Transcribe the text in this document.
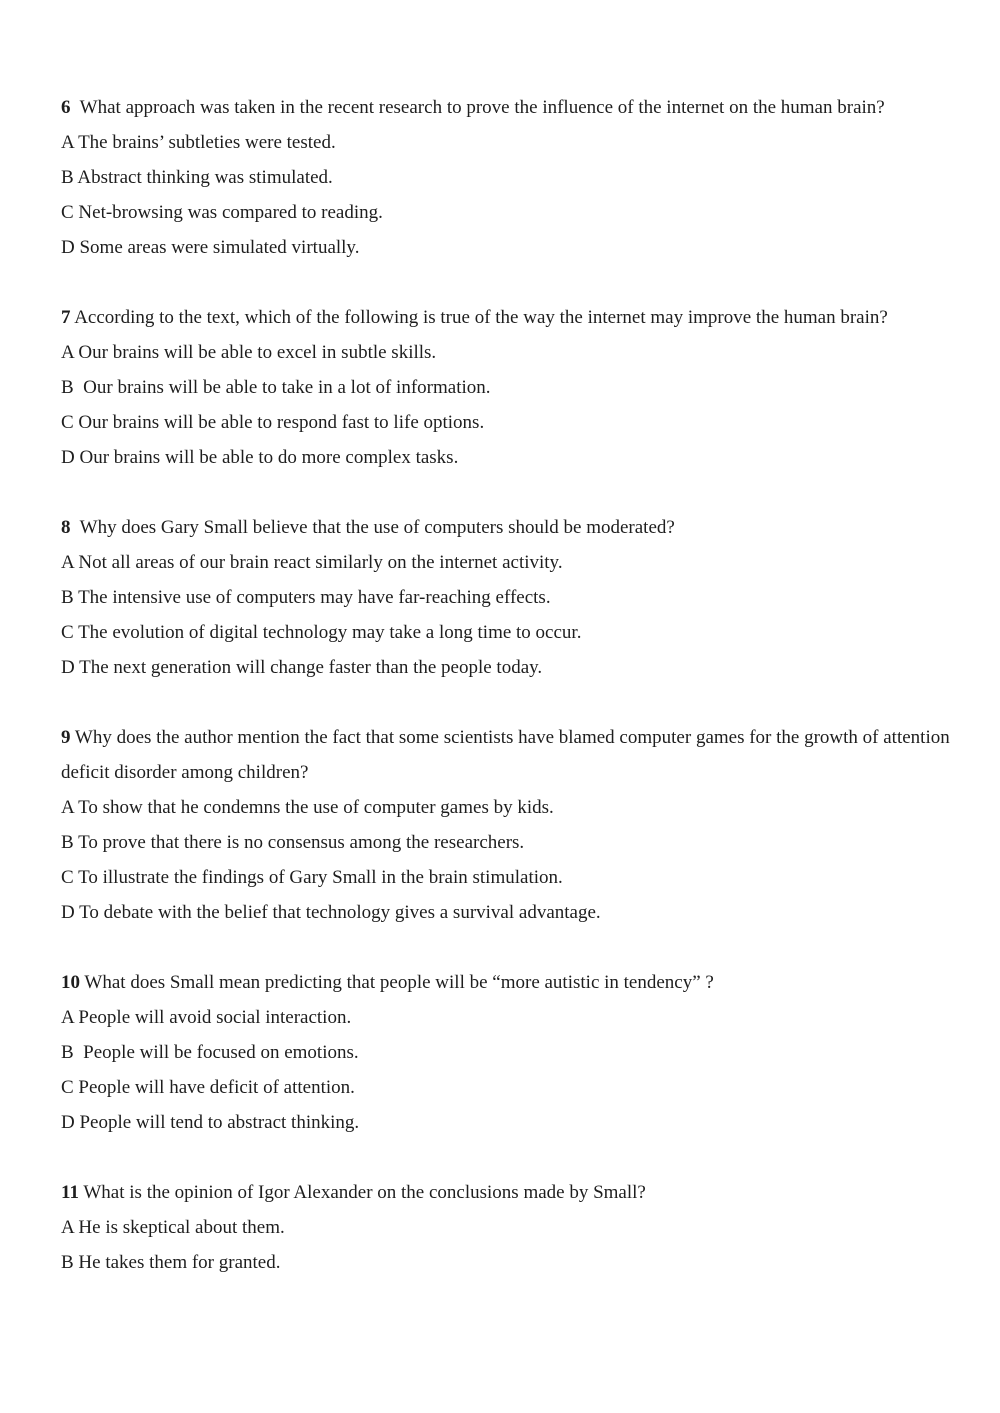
6 What approach was taken in the recent research to prove the influence of the internet on the human brain?

A The brains’ subtleties were tested.

B Abstract thinking was stimulated.

C Net-browsing was compared to reading.

D Some areas were simulated virtually.

7 According to the text, which of the following is true of the way the internet may improve the human brain?

A Our brains will be able to excel in subtle skills.

B  Our brains will be able to take in a lot of information.

C Our brains will be able to respond fast to life options.

D Our brains will be able to do more complex tasks.

8 Why does Gary Small believe that the use of computers should be moderated?

A Not all areas of our brain react similarly on the internet activity.

B The intensive use of computers may have far-reaching effects.

C The evolution of digital technology may take a long time to occur.

D The next generation will change faster than the people today.

9 Why does the author mention the fact that some scientists have blamed computer games for the growth of attention deficit disorder among children?

A To show that he condemns the use of computer games by kids.

B To prove that there is no consensus among the researchers.

C To illustrate the findings of Gary Small in the brain stimulation.

D To debate with the belief that technology gives a survival advantage.

10 What does Small mean predicting that people will be “more autistic in tendency” ?

A People will avoid social interaction.

B  People will be focused on emotions.

C People will have deficit of attention.

D People will tend to abstract thinking.

11 What is the opinion of Igor Alexander on the conclusions made by Small?

A He is skeptical about them.

B He takes them for granted.
